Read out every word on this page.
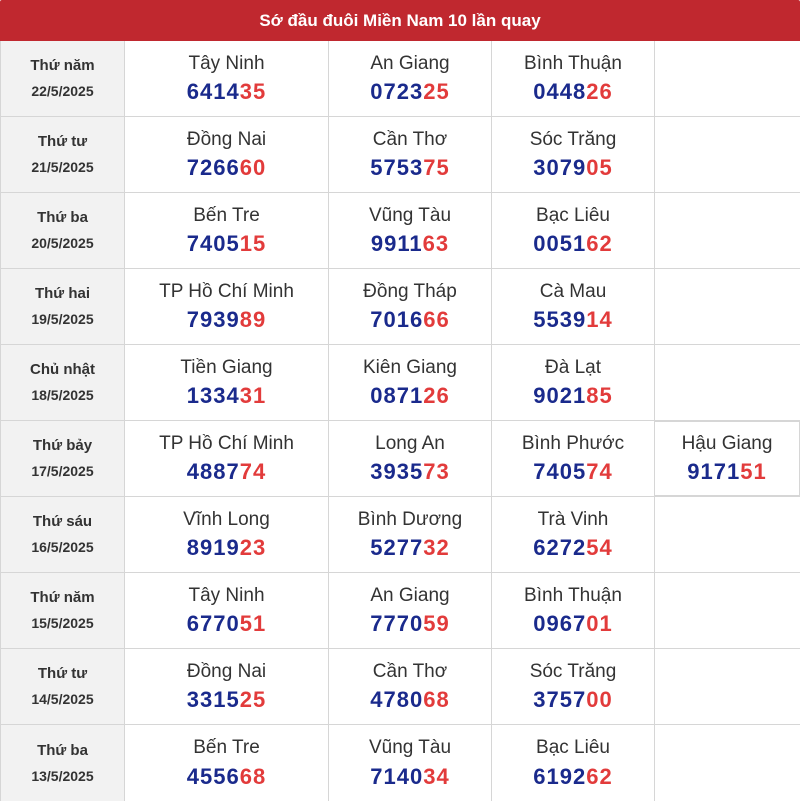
Sớ đầu đuôi Miền Nam 10 lần quay
Thứ năm
22/5/2025
Tây Ninh
641435
An Giang
072325
Bình Thuận
044826
Thứ tư
21/5/2025
Đồng Nai
726660
Cần Thơ
575375
Sóc Trăng
307905
Thứ ba
20/5/2025
Bến Tre
740515
Vũng Tàu
991163
Bạc Liêu
005162
Thứ hai
19/5/2025
TP Hồ Chí Minh
793989
Đồng Tháp
701666
Cà Mau
553914
Chủ nhật
18/5/2025
Tiền Giang
133431
Kiên Giang
087126
Đà Lạt
902185
Thứ bảy
17/5/2025
TP Hồ Chí Minh
488774
Long An
393573
Bình Phước
740574
Hậu Giang
917151
Thứ sáu
16/5/2025
Vĩnh Long
891923
Bình Dương
527732
Trà Vinh
627254
Thứ năm
15/5/2025
Tây Ninh
677051
An Giang
777059
Bình Thuận
096701
Thứ tư
14/5/2025
Đồng Nai
331525
Cần Thơ
478068
Sóc Trăng
375700
Thứ ba
13/5/2025
Bến Tre
455668
Vũng Tàu
714034
Bạc Liêu
619262
